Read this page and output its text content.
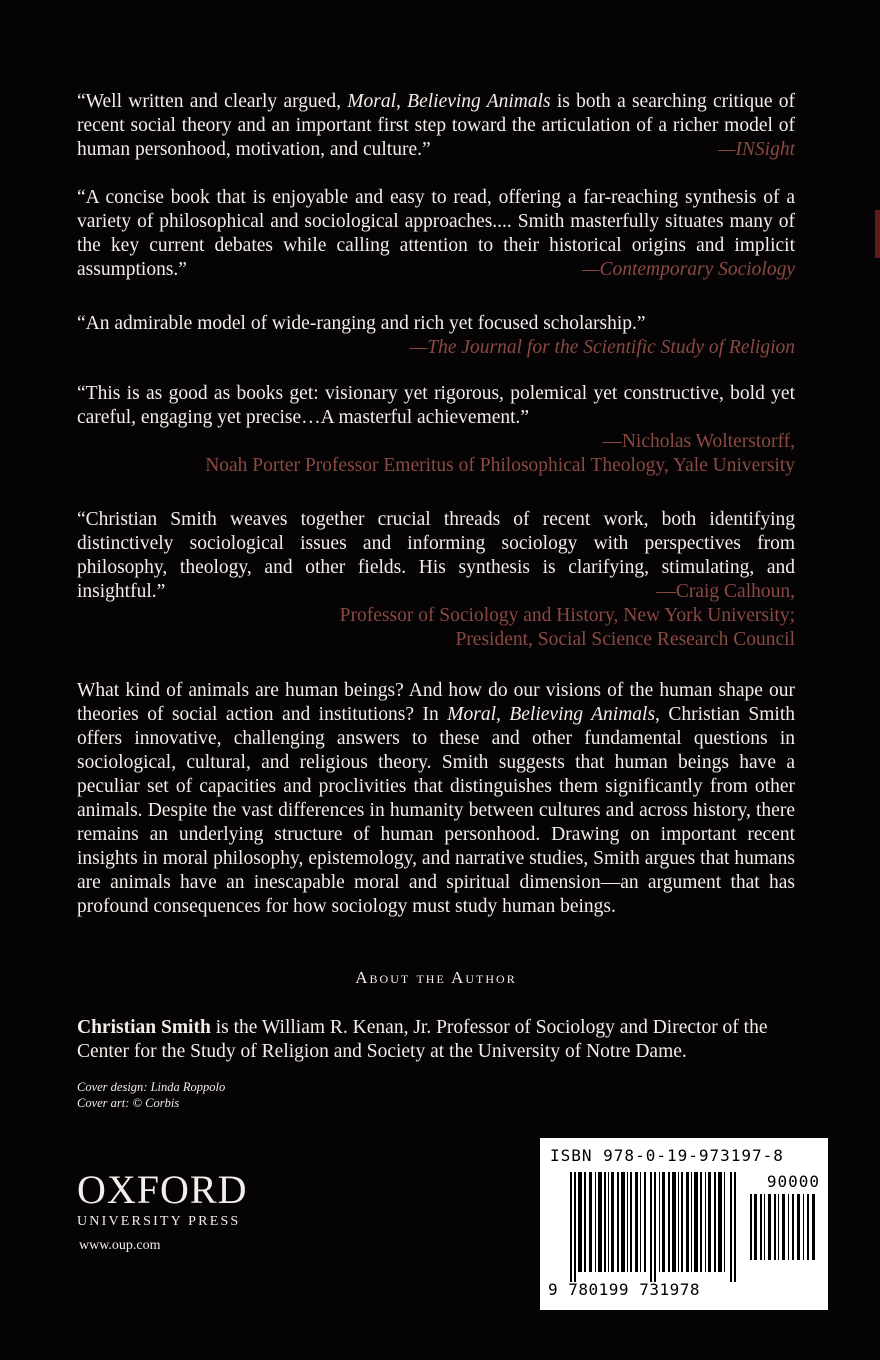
“Well written and clearly argued, Moral, Believing Animals is both a searching critique of recent social theory and an important first step toward the articulation of a richer model of human personhood, motivation, and culture.”	—INSight

“A concise book that is enjoyable and easy to read, offering a far-reaching synthesis of a variety of philosophical and sociological approaches.... Smith masterfully situates many of the key current debates while calling attention to their historical origins and implicit assumptions.”	—Contemporary Sociology

“An admirable model of wide-ranging and rich yet focused scholarship.”

—The Journal for the Scientific Study of Religion

“This is as good as books get: visionary yet rigorous, polemical yet constructive, bold yet careful, engaging yet precise…A masterful achievement.”

—Nicholas Wolterstorff,
Noah Porter Professor Emeritus of Philosophical Theology, Yale University

“Christian Smith weaves together crucial threads of recent work, both identifying distinctively sociological issues and informing sociology with perspectives from philosophy, theology, and other fields. His synthesis is clarifying, stimulating, and insightful.”	—Craig Calhoun,

Professor of Sociology and History, New York University;
President, Social Science Research Council

What kind of animals are human beings? And how do our visions of the human shape our theories of social action and institutions? In Moral, Believing Animals, Christian Smith offers innovative, challenging answers to these and other fundamental questions in sociological, cultural, and religious theory. Smith suggests that human beings have a peculiar set of capacities and proclivities that distinguishes them significantly from other animals. Despite the vast differences in humanity between cultures and across history, there remains an underlying structure of human personhood. Drawing on important recent insights in moral philosophy, epistemology, and narrative studies, Smith argues that humans are animals have an inescapable moral and spiritual dimension—an argument that has profound consequences for how sociology must study human beings.

About the Author

Christian Smith is the William R. Kenan, Jr. Professor of Sociology and Director of the Center for the Study of Religion and Society at the University of Notre Dame.

Cover design: Linda Roppolo
Cover art: © Corbis
OXFORD
UNIVERSITY PRESS
www.oup.com
ISBN 978-0-19-973197-8
90000
9 780199 731978
